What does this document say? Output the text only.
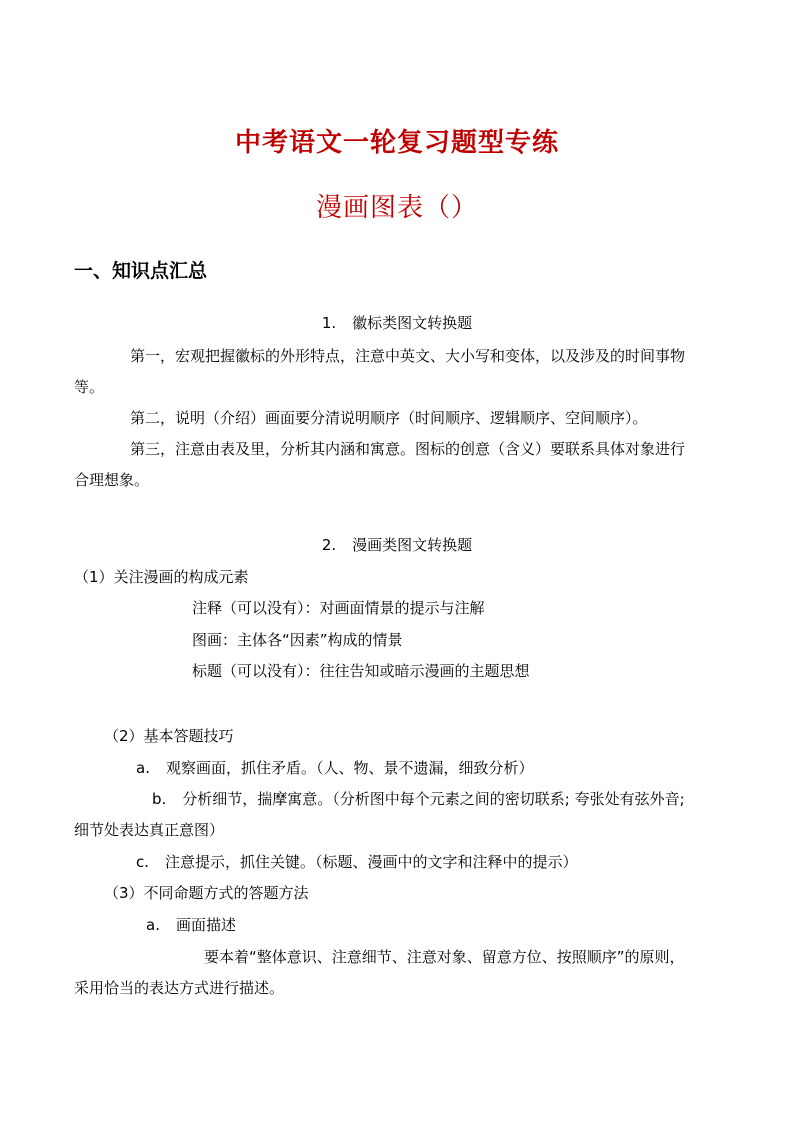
中考语文一轮复习题型专练
漫画图表（）
一、知识点汇总
1. 徽标类图文转换题
第一，宏观把握徽标的外形特点，注意中英文、大小写和变体，以及涉及的时间事物
等。
第二，说明（介绍）画面要分清说明顺序（时间顺序、逻辑顺序、空间顺序）。
第三，注意由表及里，分析其内涵和寓意。图标的创意（含义）要联系具体对象进行
合理想象。
2. 漫画类图文转换题
（1）关注漫画的构成元素
注释（可以没有）：对画面情景的提示与注解
图画：主体各“因素”构成的情景
标题（可以没有）：往往告知或暗示漫画的主题思想
（2）基本答题技巧
a. 观察画面，抓住矛盾。（人、物、景不遗漏，细致分析）
b. 分析细节，揣摩寓意。（分析图中每个元素之间的密切联系; 夸张处有弦外音;
细节处表达真正意图）
c. 注意提示，抓住关键。（标题、漫画中的文字和注释中的提示）
（3）不同命题方式的答题方法
a. 画面描述
要本着“整体意识、注意细节、注意对象、留意方位、按照顺序”的原则，
采用恰当的表达方式进行描述。
